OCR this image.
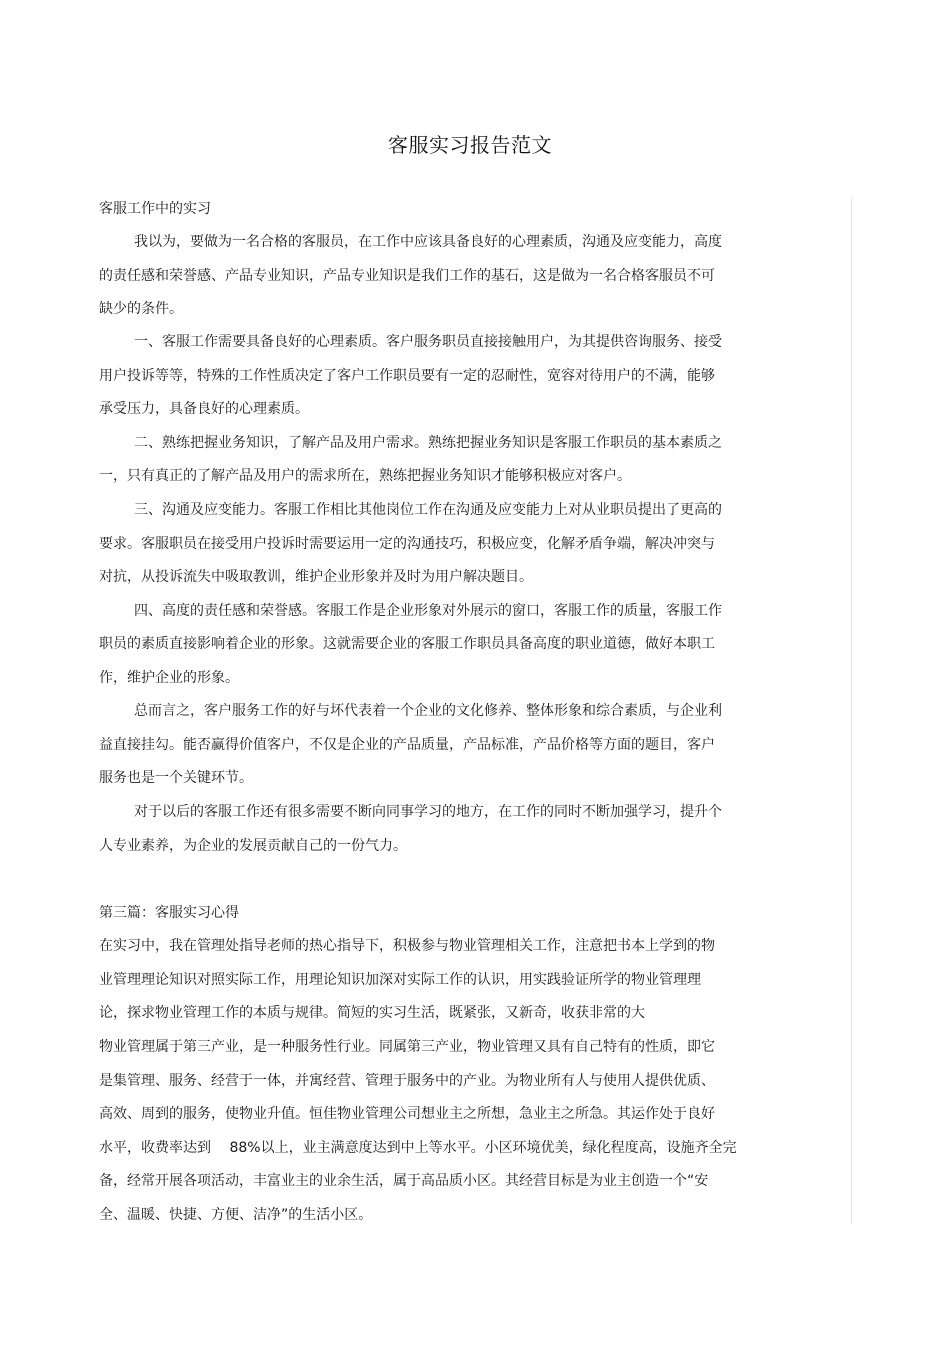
客服实习报告范文
客服工作中的实习
我以为，要做为一名合格的客服员，在工作中应该具备良好的心理素质，沟通及应变能力，高度
的责任感和荣誉感、产品专业知识，产品专业知识是我们工作的基石，这是做为一名合格客服员不可
缺少的条件。
一、客服工作需要具备良好的心理素质。客户服务职员直接接触用户，为其提供咨询服务、接受
用户投诉等等，特殊的工作性质决定了客户工作职员要有一定的忍耐性，宽容对待用户的不满，能够
承受压力，具备良好的心理素质。
二、熟练把握业务知识，了解产品及用户需求。熟练把握业务知识是客服工作职员的基本素质之
一，只有真正的了解产品及用户的需求所在，熟练把握业务知识才能够积极应对客户。
三、沟通及应变能力。客服工作相比其他岗位工作在沟通及应变能力上对从业职员提出了更高的
要求。客服职员在接受用户投诉时需要运用一定的沟通技巧，积极应变，化解矛盾争端，解决冲突与
对抗，从投诉流失中吸取教训，维护企业形象并及时为用户解决题目。
四、高度的责任感和荣誉感。客服工作是企业形象对外展示的窗口，客服工作的质量，客服工作
职员的素质直接影响着企业的形象。这就需要企业的客服工作职员具备高度的职业道德，做好本职工
作，维护企业的形象。
总而言之，客户服务工作的好与坏代表着一个企业的文化修养、整体形象和综合素质，与企业利
益直接挂勾。能否赢得价值客户，不仅是企业的产品质量，产品标准，产品价格等方面的题目，客户
服务也是一个关键环节。
对于以后的客服工作还有很多需要不断向同事学习的地方，在工作的同时不断加强学习，提升个
人专业素养，为企业的发展贡献自己的一份气力。
第三篇：客服实习心得
在实习中，我在管理处指导老师的热心指导下，积极参与物业管理相关工作，注意把书本上学到的物
业管理理论知识对照实际工作，用理论知识加深对实际工作的认识，用实践验证所学的物业管理理
论，探求物业管理工作的本质与规律。简短的实习生活，既紧张，又新奇，收获非常的大
物业管理属于第三产业，是一种服务性行业。同属第三产业，物业管理又具有自己特有的性质，即它
是集管理、服务、经营于一体，并寓经营、管理于服务中的产业。为物业所有人与使用人提供优质、
高效、周到的服务，使物业升值。恒佳物业管理公司想业主之所想，急业主之所急。其运作处于良好
水平，收费率达到　 88%以上，业主满意度达到中上等水平。小区环境优美，绿化程度高，设施齐全完
备，经常开展各项活动，丰富业主的业余生活，属于高品质小区。其经营目标是为业主创造一个“安
全、温暖、快捷、方便、洁净”的生活小区。
